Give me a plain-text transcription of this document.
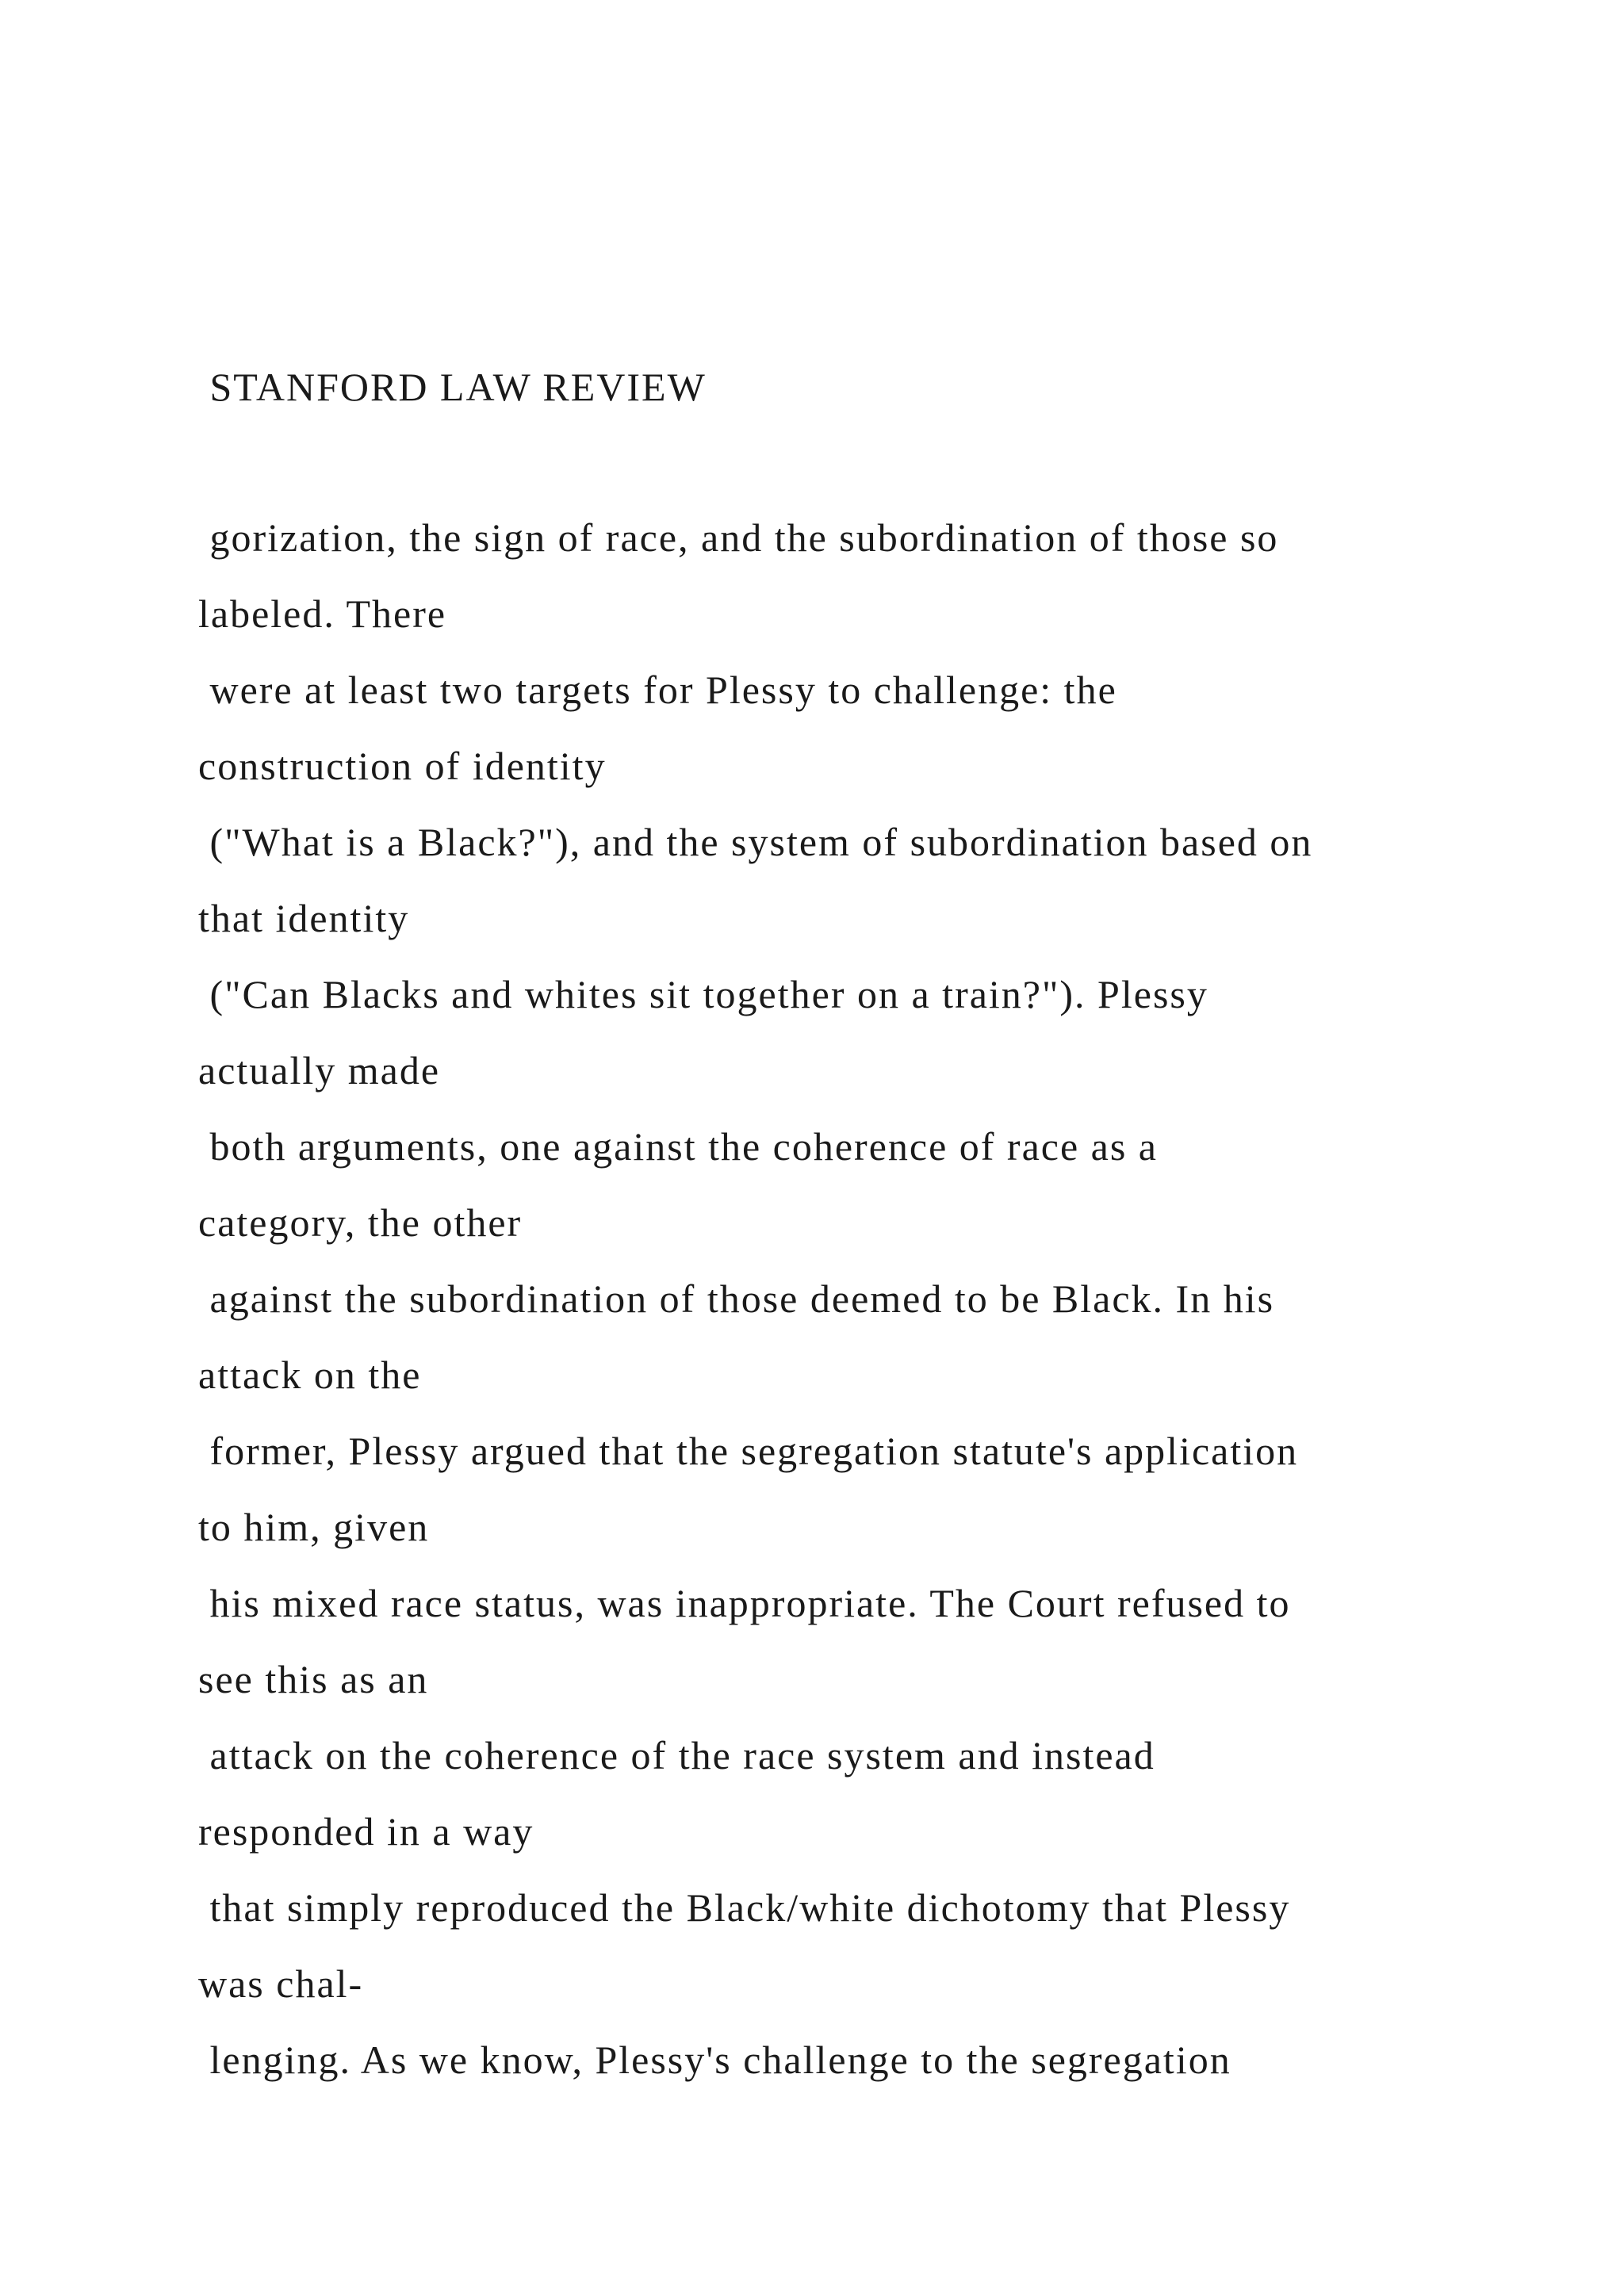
STANFORD LAW REVIEW
gorization, the sign of race, and the subordination of those so
labeled. There
were at least two targets for Plessy to challenge: the
construction of identity
("What is a Black?"), and the system of subordination based on
that identity
("Can Blacks and whites sit together on a train?"). Plessy
actually made
both arguments, one against the coherence of race as a
category, the other
against the subordination of those deemed to be Black. In his
attack on the
former, Plessy argued that the segregation statute's application
to him, given
his mixed race status, was inappropriate. The Court refused to
see this as an
attack on the coherence of the race system and instead
responded in a way
that simply reproduced the Black/white dichotomy that Plessy
was chal-
lenging. As we know, Plessy's challenge to the segregation
